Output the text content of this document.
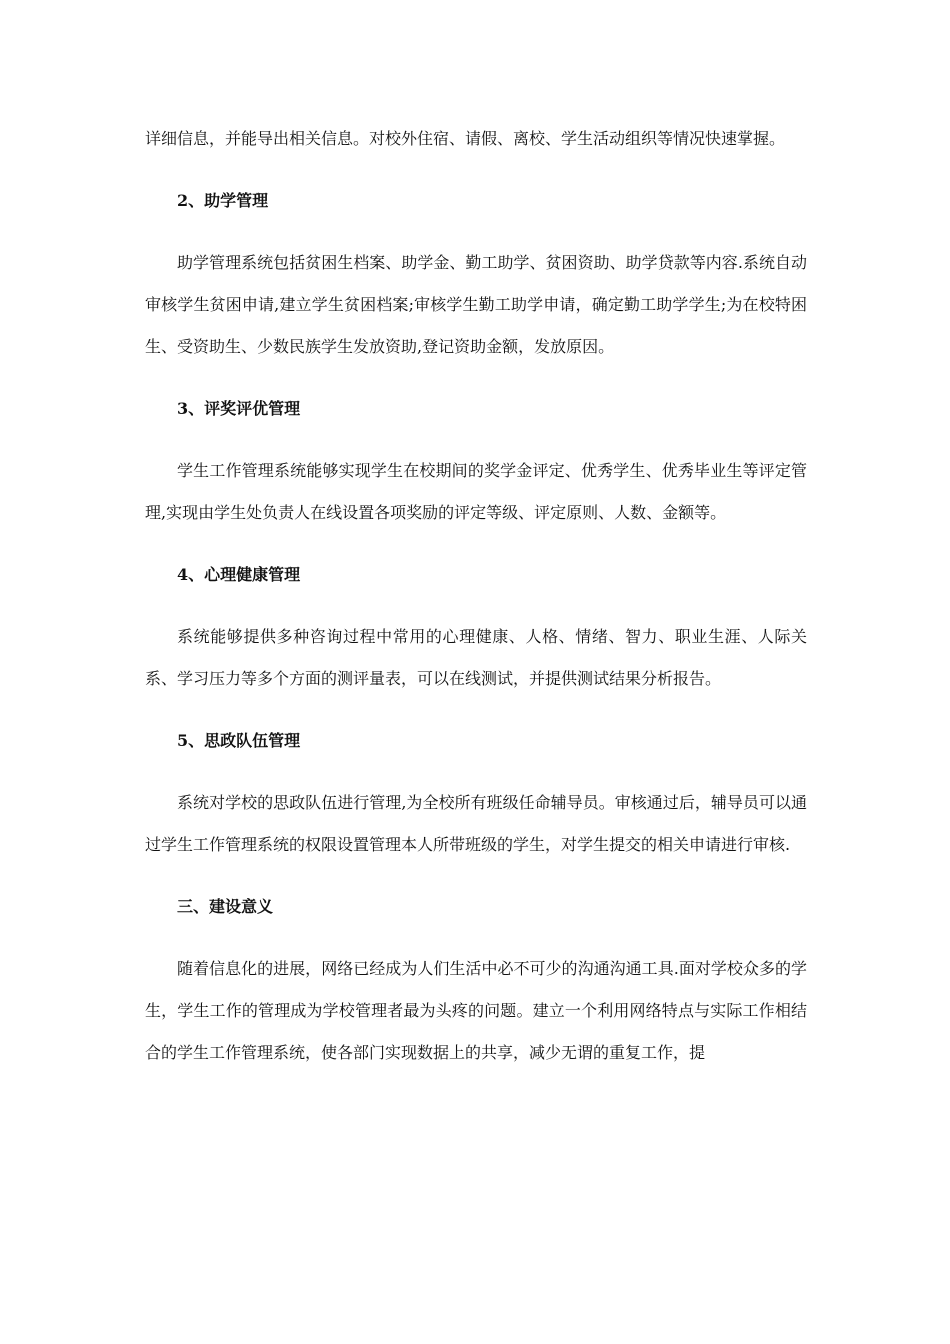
详细信息，并能导出相关信息。对校外住宿、请假、离校、学生活动组织等情况快速掌握。

2、助学管理

助学管理系统包括贫困生档案、助学金、勤工助学、贫困资助、助学贷款等内容.系统自动审核学生贫困申请,建立学生贫困档案;审核学生勤工助学申请，确定勤工助学学生;为在校特困生、受资助生、少数民族学生发放资助,登记资助金额，发放原因。

3、评奖评优管理

学生工作管理系统能够实现学生在校期间的奖学金评定、优秀学生、优秀毕业生等评定管理,实现由学生处负责人在线设置各项奖励的评定等级、评定原则、人数、金额等。

4、心理健康管理

系统能够提供多种咨询过程中常用的心理健康、人格、情绪、智力、职业生涯、人际关系、学习压力等多个方面的测评量表，可以在线测试，并提供测试结果分析报告。

5、思政队伍管理

系统对学校的思政队伍进行管理,为全校所有班级任命辅导员。审核通过后，辅导员可以通过学生工作管理系统的权限设置管理本人所带班级的学生，对学生提交的相关申请进行审核.

三、建设意义

随着信息化的进展，网络已经成为人们生活中必不可少的沟通沟通工具.面对学校众多的学生，学生工作的管理成为学校管理者最为头疼的问题。建立一个利用网络特点与实际工作相结合的学生工作管理系统，使各部门实现数据上的共享，减少无谓的重复工作，提
